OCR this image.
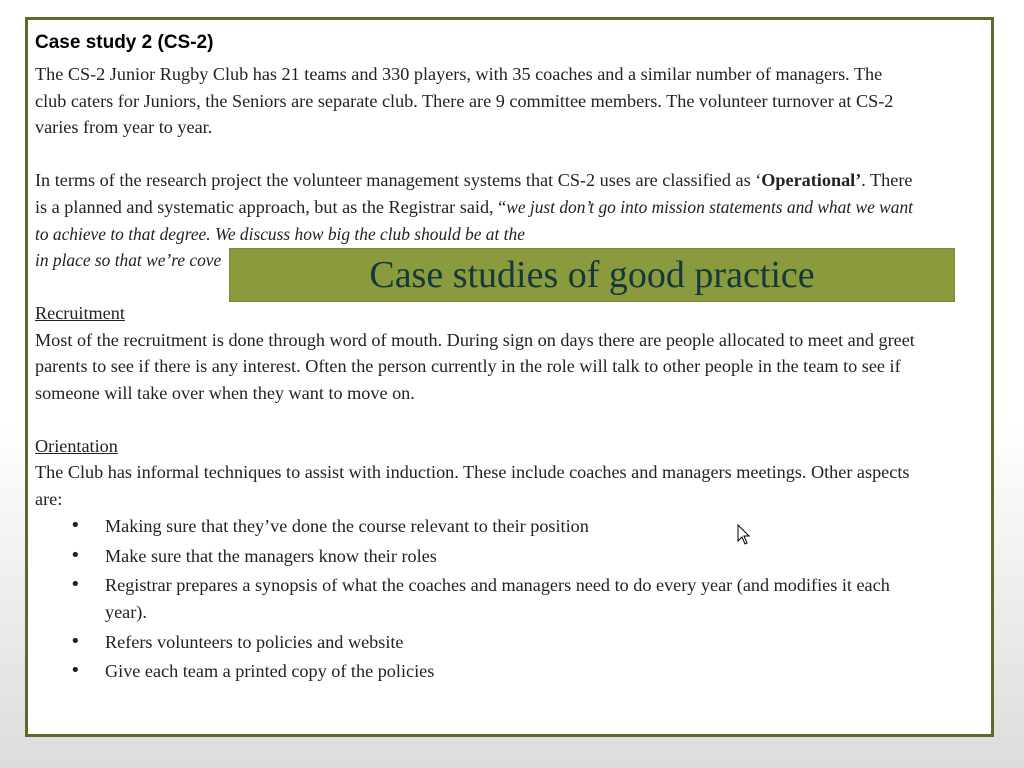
Case study 2 (CS-2)

The CS-2 Junior Rugby Club has 21 teams and 330 players, with 35 coaches and a similar number of managers. The club caters for Juniors, the Seniors are separate club. There are 9 committee members. The volunteer turnover at CS-2 varies from year to year.

In terms of the research project the volunteer management systems that CS-2 uses are classified as ‘Operational’. There is a planned and systematic approach, but as the Registrar said, “we just don’t go into mission statements and what we want to achieve to that degree. We discuss how big the club should be at the
in place so that we’re cove

Recruitment

Most of the recruitment is done through word of mouth. During sign on days there are people allocated to meet and greet parents to see if there is any interest. Often the person currently in the role will talk to other people in the team to see if someone will take over when they want to move on.

Orientation

The Club has informal techniques to assist with induction. These include coaches and managers meetings. Other aspects are:

• Making sure that they’ve done the course relevant to their position
• Make sure that the managers know their roles
• Registrar prepares a synopsis of what the coaches and managers need to do every year (and modifies it each year).
• Refers volunteers to policies and website
• Give each team a printed copy of the policies
Case studies of good practice
